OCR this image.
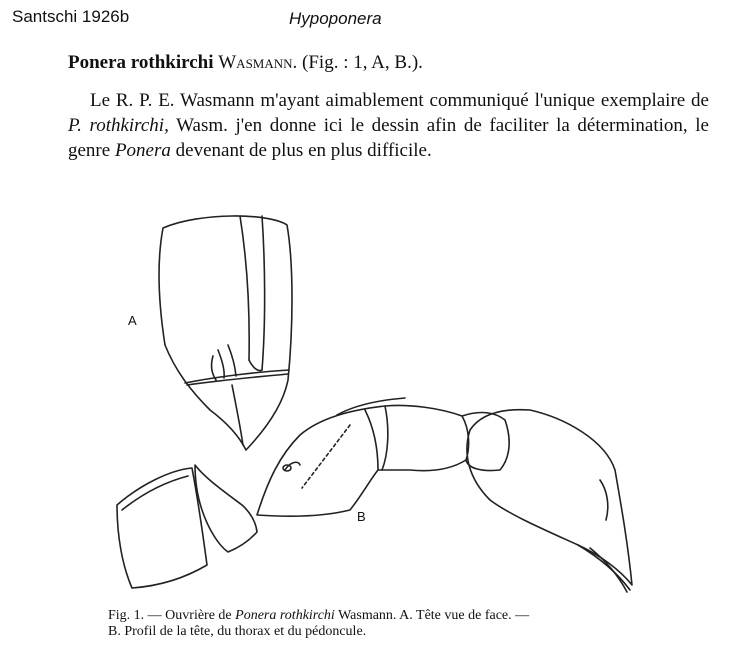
Santschi 1926b	Hypoponera
Ponera rothkirchi Wasmann. (Fig. : 1, A, B.).
Le R. P. E. Wasmann m'ayant aimablement communiqué l'unique exemplaire de P. rothkirchi, Wasm. j'en donne ici le dessin afin de faciliter la détermination, le genre Ponera devenant de plus en plus difficile.
A
B
Fig. 1. — Ouvrière de Ponera rothkirchi Wasmann. A. Tête vue de face. —
B. Profil de la tête, du thorax et du pédoncule.
